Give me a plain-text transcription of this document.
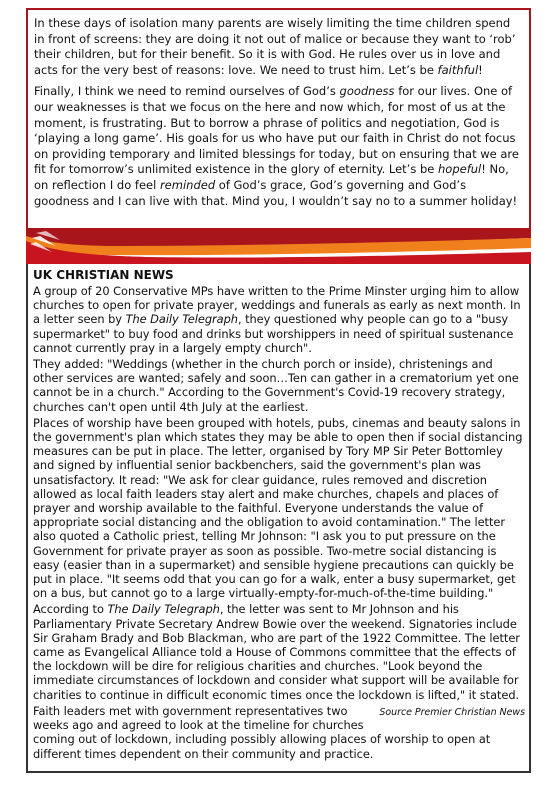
In these days of isolation many parents are wisely limiting the time children spend in front of screens: they are doing it not out of malice or because they want to ‘rob’ their children, but for their benefit. So it is with God. He rules over us in love and acts for the very best of reasons: love. We need to trust him. Let’s be faithful!

Finally, I think we need to remind ourselves of God’s goodness for our lives. One of our weaknesses is that we focus on the here and now which, for most of us at the moment, is frustrating. But to borrow a phrase of politics and negotiation, God is ‘playing a long game’. His goals for us who have put our faith in Christ do not focus on providing temporary and limited blessings for today, but on ensuring that we are fit for tomorrow’s unlimited existence in the glory of eternity. Let’s be hopeful! No, on reflection I do feel reminded of God’s grace, God’s governing and God’s goodness and I can live with that. Mind you, I wouldn’t say no to a summer holiday!

UK CHRISTIAN NEWS

A group of 20 Conservative MPs have written to the Prime Minster urging him to allow churches to open for private prayer, weddings and funerals as early as next month. In a letter seen by The Daily Telegraph, they questioned why people can go to a "busy supermarket" to buy food and drinks but worshippers in need of spiritual sustenance cannot currently pray in a largely empty church".

They added: "Weddings (whether in the church porch or inside), christenings and other services are wanted; safely and soon…Ten can gather in a crematorium yet one cannot be in a church." According to the Government's Covid-19 recovery strategy, churches can't open until 4th July at the earliest.

Places of worship have been grouped with hotels, pubs, cinemas and beauty salons in the government's plan which states they may be able to open then if social distancing measures can be put in place. The letter, organised by Tory MP Sir Peter Bottomley and signed by influential senior backbenchers, said the government's plan was unsatisfactory. It read: "We ask for clear guidance, rules removed and discretion allowed as local faith leaders stay alert and make churches, chapels and places of prayer and worship available to the faithful. Everyone understands the value of appropriate social distancing and the obligation to avoid contamination." The letter also quoted a Catholic priest, telling Mr Johnson: "I ask you to put pressure on the Government for private prayer as soon as possible. Two-metre social distancing is easy (easier than in a supermarket) and sensible hygiene precautions can quickly be put in place. "It seems odd that you can go for a walk, enter a busy supermarket, get on a bus, but cannot go to a large virtually-empty-for-much-of-the-time building."

According to The Daily Telegraph, the letter was sent to Mr Johnson and his Parliamentary Private Secretary Andrew Bowie over the weekend. Signatories include Sir Graham Brady and Bob Blackman, who are part of the 1922 Committee. The letter came as Evangelical Alliance told a House of Commons committee that the effects of the lockdown will be dire for religious charities and churches. "Look beyond the immediate circumstances of lockdown and consider what support will be available for charities to continue in difficult economic times once the lockdown is lifted," it stated.

Source Premier Christian News
Faith leaders met with government representatives two weeks ago and agreed to look at the timeline for churches coming out of lockdown, including possibly allowing places of worship to open at different times dependent on their community and practice.
